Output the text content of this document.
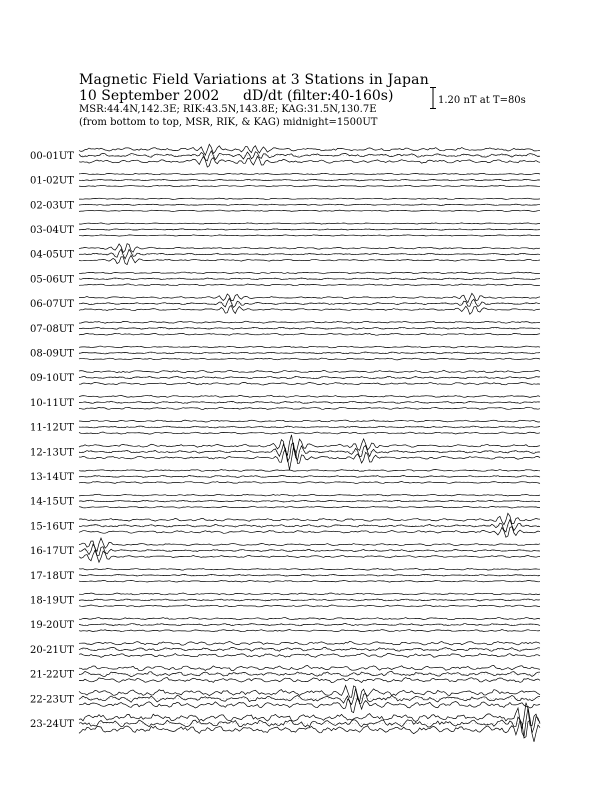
Magnetic Field Variations at 3 Stations in Japan
10 September 2002 dD/dt (filter:40-160s)
MSR:44.4N,142.3E; RIK:43.5N,143.8E; KAG:31.5N,130.7E
(from bottom to top, MSR, RIK, & KAG) midnight=1500UT
1.20 nT at T=80s
00-01UT
01-02UT
02-03UT
03-04UT
04-05UT
05-06UT
06-07UT
07-08UT
08-09UT
09-10UT
10-11UT
11-12UT
12-13UT
13-14UT
14-15UT
15-16UT
16-17UT
17-18UT
18-19UT
19-20UT
20-21UT
21-22UT
22-23UT
23-24UT
